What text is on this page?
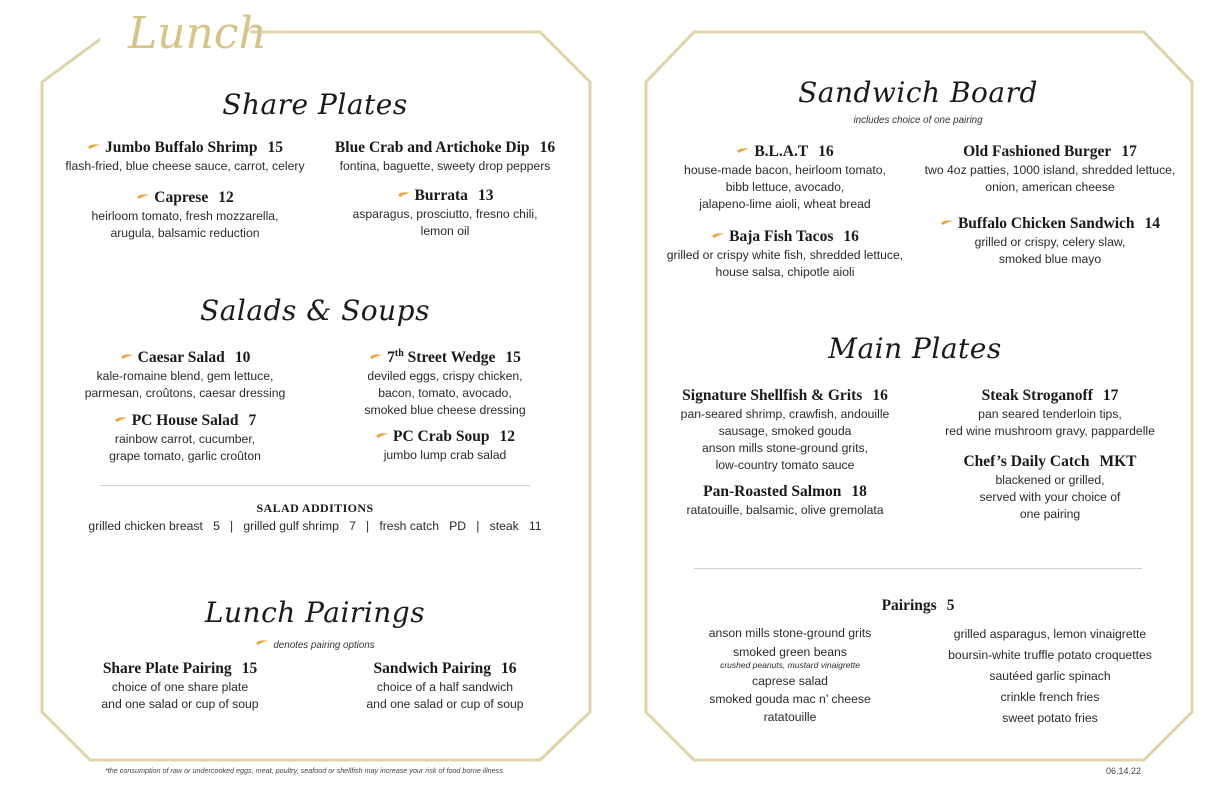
Lunch
Share Plates
Jumbo Buffalo Shrimp 15
flash-fried, blue cheese sauce, carrot, celery
Blue Crab and Artichoke Dip 16
fontina, baguette, sweety drop peppers
Caprese 12
heirloom tomato, fresh mozzarella,
arugula, balsamic reduction
Burrata 13
asparagus, prosciutto, fresno chili,
lemon oil
Salads & Soups
Caesar Salad 10
kale-romaine blend, gem lettuce,
parmesan, croûtons, caesar dressing
7th Street Wedge 15
deviled eggs, crispy chicken,
bacon, tomato, avocado,
smoked blue cheese dressing
PC House Salad 7
rainbow carrot, cucumber,
grape tomato, garlic croûton
PC Crab Soup 12
jumbo lump crab salad
SALAD ADDITIONS
grilled chicken breast 5 | grilled gulf shrimp 7 | fresh catch PD | steak 11
Lunch Pairings
denotes pairing options
Share Plate Pairing 15
choice of one share plate
and one salad or cup of soup
Sandwich Pairing 16
choice of a half sandwich
and one salad or cup of soup
*the consumption of raw or undercooked eggs, meat, poultry, seafood or shellfish may increase your risk of food borne illness
Sandwich Board
includes choice of one pairing
B.L.A.T 16
house-made bacon, heirloom tomato,
bibb lettuce, avocado,
jalapeno-lime aioli, wheat bread
Old Fashioned Burger 17
two 4oz patties, 1000 island, shredded lettuce,
onion, american cheese
Baja Fish Tacos 16
grilled or crispy white fish, shredded lettuce,
house salsa, chipotle aioli
Buffalo Chicken Sandwich 14
grilled or crispy, celery slaw,
smoked blue mayo
Main Plates
Signature Shellfish & Grits 16
pan-seared shrimp, crawfish, andouille
sausage, smoked gouda
anson mills stone-ground grits,
low-country tomato sauce
Steak Stroganoff 17
pan seared tenderloin tips,
red wine mushroom gravy, pappardelle
Pan-Roasted Salmon 18
ratatouille, balsamic, olive gremolata
Chef’s Daily Catch MKT
blackened or grilled,
served with your choice of
one pairing
Pairings 5
anson mills stone-ground grits
smoked green beans
crushed peanuts, mustard vinaigrette
caprese salad
smoked gouda mac n’ cheese
ratatouille
grilled asparagus, lemon vinaigrette
boursin-white truffle potato croquettes
sautéed garlic spinach
crinkle french fries
sweet potato fries
06.14.22
